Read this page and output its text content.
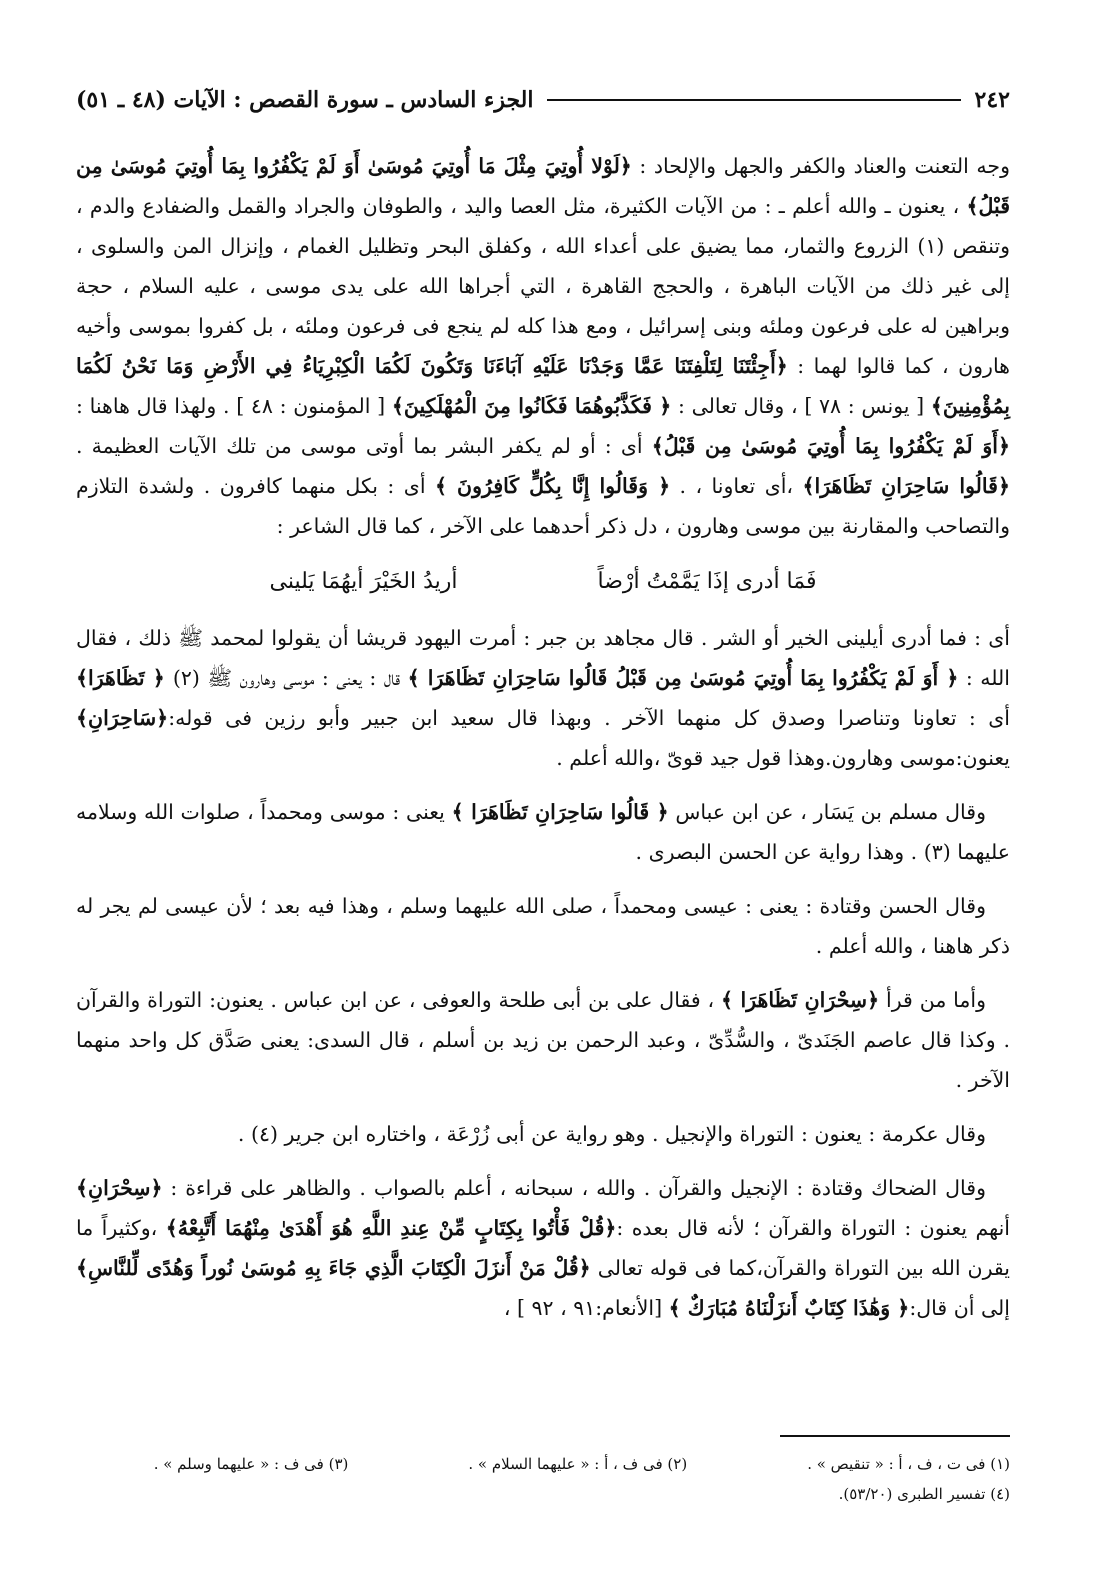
٢٤٢
الجزء السادس ـ سورة القصص : الآيات (٤٨ ـ ٥١)

وجه التعنت والعناد والكفر والجهل والإلحاد : ﴿لَوْلا أُوتِيَ مِثْلَ مَا أُوتِيَ مُوسَىٰ أَوَ لَمْ يَكْفُرُوا بِمَا أُوتِيَ مُوسَىٰ مِن قَبْلُ﴾ ، يعنون ـ والله أعلم ـ : من الآيات الكثيرة، مثل العصا واليد ، والطوفان والجراد والقمل والضفادع والدم ، وتنقص (١) الزروع والثمار، مما يضيق على أعداء الله ، وكفلق البحر وتظليل الغمام ، وإنزال المن والسلوى ، إلى غير ذلك من الآيات الباهرة ، والحجج القاهرة ، التي أجراها الله على يدى موسى ، عليه السلام ، حجة وبراهين له على فرعون وملئه وبنى إسرائيل ، ومع هذا كله لم ينجع فى فرعون وملئه ، بل كفروا بموسى وأخيه هارون ، كما قالوا لهما : ﴿أَجِئْتَنَا لِتَلْفِتَنَا عَمَّا وَجَدْنَا عَلَيْهِ آبَاءَنَا وَتَكُونَ لَكُمَا الْكِبْرِيَاءُ فِي الأَرْضِ وَمَا نَحْنُ لَكُمَا بِمُؤْمِنِينَ﴾ [ يونس : ٧٨ ] ، وقال تعالى : ﴿ فَكَذَّبُوهُمَا فَكَانُوا مِنَ الْمُهْلَكِينَ﴾ [ المؤمنون : ٤٨ ] . ولهذا قال هاهنا : ﴿أَوَ لَمْ يَكْفُرُوا بِمَا أُوتِيَ مُوسَىٰ مِن قَبْلُ﴾ أى : أو لم يكفر البشر بما أوتى موسى من تلك الآيات العظيمة . ﴿قَالُوا سَاحِرَانِ تَظَاهَرَا﴾ ،أى تعاونا ، . ﴿ وَقَالُوا إِنَّا بِكُلٍّ كَافِرُونَ ﴾ أى : بكل منهما كافرون . ولشدة التلازم والتصاحب والمقارنة بين موسى وهارون ، دل ذكر أحدهما على الآخر ، كما قال الشاعر :

فَمَا أدرى إذَا يَمَّمْتُ أرْضاً
أريدُ الخَيْرَ أيهُمَا يَلينى

أى : فما أدرى أيلينى الخير أو الشر . قال مجاهد بن جبر : أمرت اليهود قريشا أن يقولوا لمحمد ﷺ ذلك ، فقال الله : ﴿ أَوَ لَمْ يَكْفُرُوا بِمَا أُوتِيَ مُوسَىٰ مِن قَبْلُ قَالُوا سَاحِرَانِ تَظَاهَرَا ﴾ قال : يعنى : موسى وهارون ﷺ (٢) ﴿ تَظَاهَرَا﴾ أى : تعاونا وتناصرا وصدق كل منهما الآخر . وبهذا قال سعيد ابن جبير وأبو رزين فى قوله:﴿سَاحِرَانِ﴾ يعنون:موسى وهارون.وهذا قول جيد قوىّ ،والله أعلم .

وقال مسلم بن يَسَار ، عن ابن عباس ﴿ قَالُوا سَاحِرَانِ تَظَاهَرَا ﴾ يعنى : موسى ومحمداً ، صلوات الله وسلامه عليهما (٣) . وهذا رواية عن الحسن البصرى .

وقال الحسن وقتادة : يعنى : عيسى ومحمداً ، صلى الله عليهما وسلم ، وهذا فيه بعد ؛ لأن عيسى لم يجر له ذكر هاهنا ، والله أعلم .

وأما من قرأ ﴿سِحْرَانِ تَظَاهَرَا ﴾ ، فقال على بن أبى طلحة والعوفى ، عن ابن عباس . يعنون: التوراة والقرآن . وكذا قال عاصم الجَنَدىّ ، والسُّدِّىّ ، وعبد الرحمن بن زيد بن أسلم ، قال السدى: يعنى صَدَّق كل واحد منهما الآخر .

وقال عكرمة : يعنون : التوراة والإنجيل . وهو رواية عن أبى زُرْعَة ، واختاره ابن جرير (٤) .

وقال الضحاك وقتادة : الإنجيل والقرآن . والله ، سبحانه ، أعلم بالصواب . والظاهر على قراءة : ﴿سِحْرَانِ﴾ أنهم يعنون : التوراة والقرآن ؛ لأنه قال بعده :﴿قُلْ فَأْتُوا بِكِتَابٍ مِّنْ عِندِ اللَّهِ هُوَ أَهْدَىٰ مِنْهُمَا أَتَّبِعْهُ﴾ ،وكثيراً ما يقرن الله بين التوراة والقرآن،كما فى قوله تعالى ﴿قُلْ مَنْ أَنزَلَ الْكِتَابَ الَّذِي جَاءَ بِهِ مُوسَىٰ نُوراً وَهُدًى لِّلنَّاسِ﴾ إلى أن قال:﴿ وَهَٰذَا كِتَابٌ أَنزَلْنَاهُ مُبَارَكٌ ﴾ [الأنعام:٩١ ، ٩٢ ] ،

(١) فى ت ، ف ، أ : « تنقيص » .
(٢) فى ف ، أ : « عليهما السلام » .
(٣) فى ف : « عليهما وسلم » .
(٤) تفسير الطبرى (٥٣/٢٠).
